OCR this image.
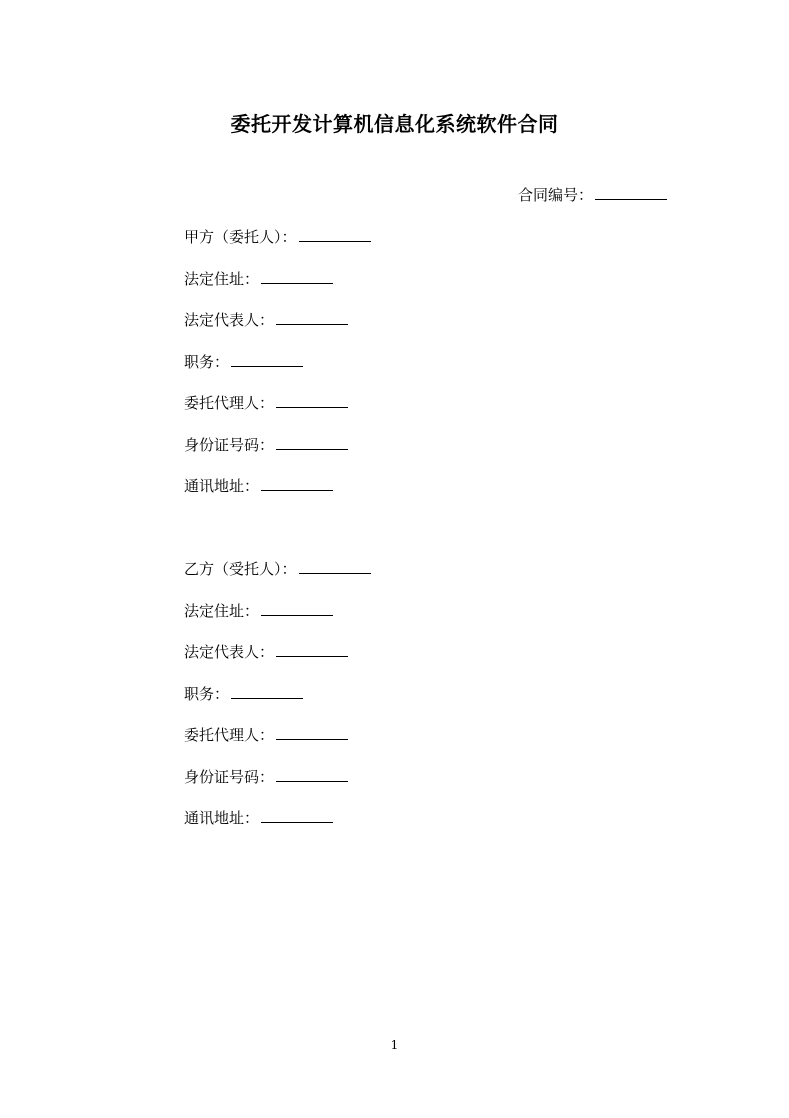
委托开发计算机信息化系统软件合同
合同编号：
甲方（委托人）：
法定住址：
法定代表人：
职务：
委托代理人：
身份证号码：
通讯地址：
乙方（受托人）：
法定住址：
法定代表人：
职务：
委托代理人：
身份证号码：
通讯地址：
1
